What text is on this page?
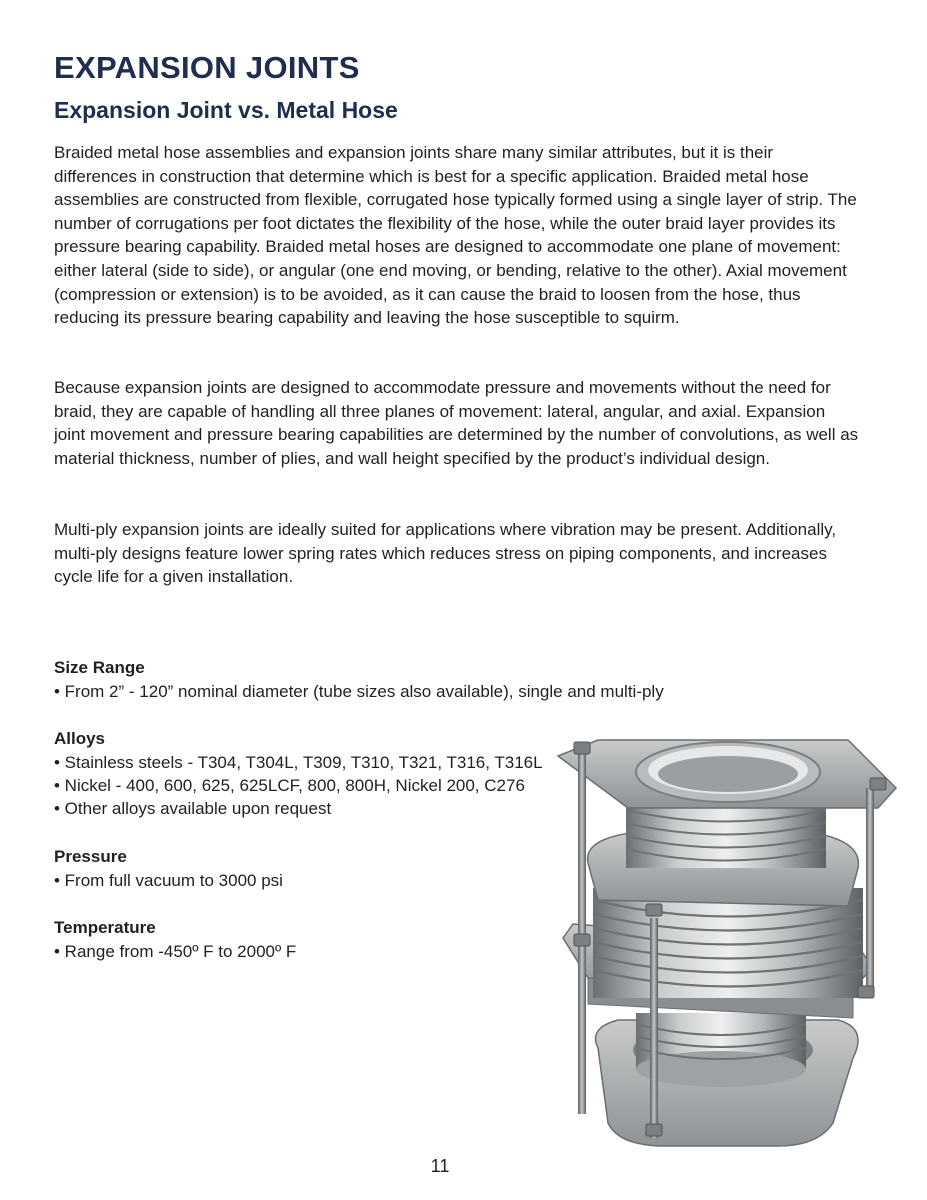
EXPANSION JOINTS
Expansion Joint vs. Metal Hose

Braided metal hose assemblies and expansion joints share many similar attributes, but it is their differences in construction that determine which is best for a specific application. Braided metal hose assemblies are constructed from flexible, corrugated hose typically formed using a single layer of strip. The number of corrugations per foot dictates the flexibility of the hose, while the outer braid layer provides its pressure bearing capability. Braided metal hoses are designed to accommodate one plane of movement: either lateral (side to side), or angular (one end moving, or bending, relative to the other). Axial movement (compression or extension) is to be avoided, as it can cause the braid to loosen from the hose, thus reducing its pressure bearing capability and leaving the hose susceptible to squirm.

Because expansion joints are designed to accommodate pressure and movements without the need for braid, they are capable of handling all three planes of movement: lateral, angular, and axial. Expansion joint movement and pressure bearing capabilities are determined by the number of convolutions, as well as material thickness, number of plies, and wall height specified by the product’s individual design.

Multi-ply expansion joints are ideally suited for applications where vibration may be present. Additionally, multi-ply designs feature lower spring rates which reduces stress on piping components, and increases cycle life for a given installation.

Size Range
• From 2” - 120” nominal diameter (tube sizes also available), single and multi-ply
Alloys
• Stainless steels - T304, T304L, T309, T310, T321, T316, T316L
• Nickel - 400, 600, 625, 625LCF, 800, 800H, Nickel 200, C276
• Other alloys available upon request
Pressure
• From full vacuum to 3000 psi
Temperature
• Range from -450º F to 2000º F
11
